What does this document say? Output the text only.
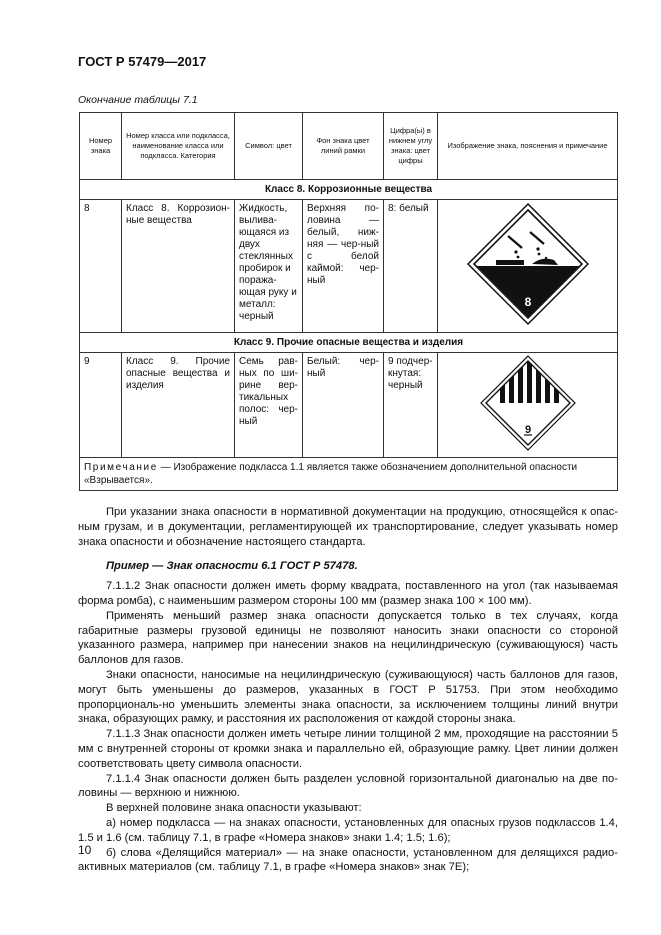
ГОСТ Р 57479—2017
Окончание таблицы 7.1
Номер знака	Номер класса или подкласса, наименование класса или подкласса. Категория	Символ: цвет	Фон знака цвет линий рамки	Цифра(ы) в нижнем углу знака: цвет цифры	Изображение знака, пояснения и примечание
Класс 8. Коррозионные вещества					
8	Класс 8. Коррозион-ные вещества	Жидкость, вылива-ющаяся из двух стеклянных пробирок и поража-ющая руку и металл: черный	Верхняя по-ловина — белый, ниж-няя — чер-ный с белой каймой: чер-ный	8: белый	8

Класс 9. Прочие опасные вещества и изделия					
9	Класс 9. Прочие опасные вещества и изделия	Семь рав-ных по ши-рине вер-тикальных полос: чер-ный	Белый: чер-ный	9 подчер-кнутая: черный	9

Примечание — Изображение подкласса 1.1 является также обозначением дополнительной опасности «Взрывается».					

При указании знака опасности в нормативной документации на продукцию, относящейся к опас-ным грузам, и в документации, регламентирующей их транспортирование, следует указывать номер знака опасности и обозначение настоящего стандарта.

Пример — Знак опасности 6.1 ГОСТ Р 57478.

7.1.1.2 Знак опасности должен иметь форму квадрата, поставленного на угол (так называемая форма ромба), с наименьшим размером стороны 100 мм (размер знака 100 × 100 мм).

Применять меньший размер знака опасности допускается только в тех случаях, когда габаритные размеры грузовой единицы не позволяют наносить знаки опасности со стороной указанного размера, например при нанесении знаков на нецилиндрическую (суживающуюся) часть баллонов для газов.

Знаки опасности, наносимые на нецилиндрическую (суживающуюся) часть баллонов для газов, могут быть уменьшены до размеров, указанных в ГОСТ Р 51753. При этом необходимо пропорциональ-но уменьшить элементы знака опасности, за исключением толщины линий внутри знака, образующих рамку, и расстояния их расположения от каждой стороны знака.

7.1.1.3 Знак опасности должен иметь четыре линии толщиной 2 мм, проходящие на расстоянии 5 мм с внутренней стороны от кромки знака и параллельно ей, образующие рамку. Цвет линии должен соответствовать цвету символа опасности.

7.1.1.4 Знак опасности должен быть разделен условной горизонтальной диагональю на две по-ловины — верхнюю и нижнюю.

В верхней половине знака опасности указывают:

а) номер подкласса — на знаках опасности, установленных для опасных грузов подклассов 1.4, 1.5 и 1.6 (см. таблицу 7.1, в графе «Номера знаков» знаки 1.4; 1.5; 1.6);

б) слова «Делящийся материал» — на знаке опасности, установленном для делящихся радио-активных материалов (см. таблицу 7.1, в графе «Номера знаков» знак 7Е);

10
